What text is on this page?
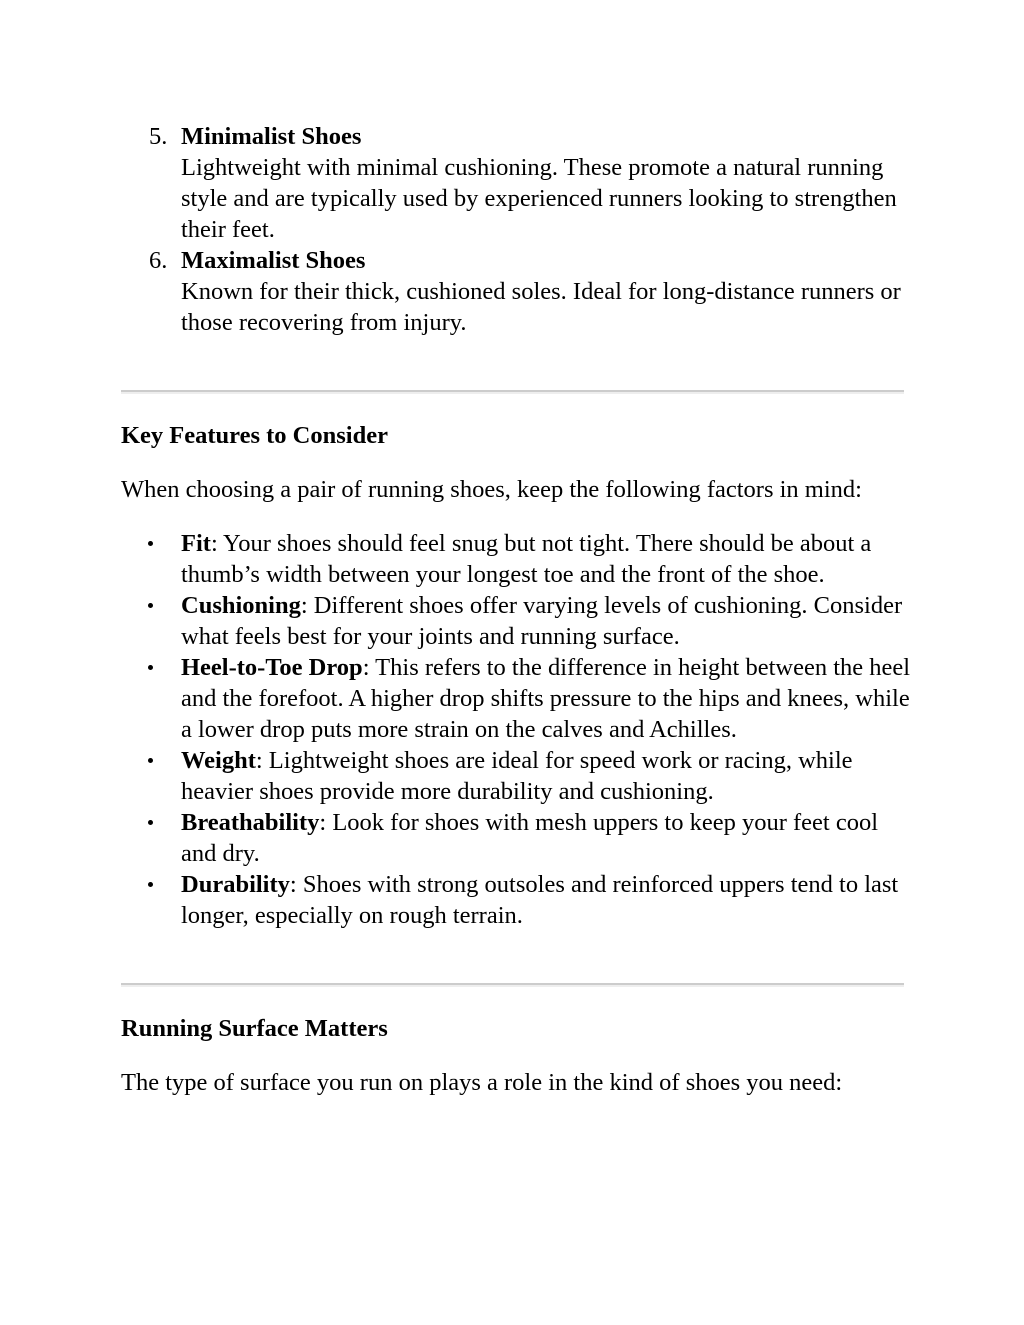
5. Minimalist Shoes
Lightweight with minimal cushioning. These promote a natural running style and are typically used by experienced runners looking to strengthen their feet.
6. Maximalist Shoes
Known for their thick, cushioned soles. Ideal for long-distance runners or those recovering from injury.
Key Features to Consider

When choosing a pair of running shoes, keep the following factors in mind:

Fit: Your shoes should feel snug but not tight. There should be about a thumb’s width between your longest toe and the front of the shoe.
Cushioning: Different shoes offer varying levels of cushioning. Consider what feels best for your joints and running surface.
Heel-to-Toe Drop: This refers to the difference in height between the heel and the forefoot. A higher drop shifts pressure to the hips and knees, while a lower drop puts more strain on the calves and Achilles.
Weight: Lightweight shoes are ideal for speed work or racing, while heavier shoes provide more durability and cushioning.
Breathability: Look for shoes with mesh uppers to keep your feet cool and dry.
Durability: Shoes with strong outsoles and reinforced uppers tend to last longer, especially on rough terrain.
Running Surface Matters

The type of surface you run on plays a role in the kind of shoes you need:
